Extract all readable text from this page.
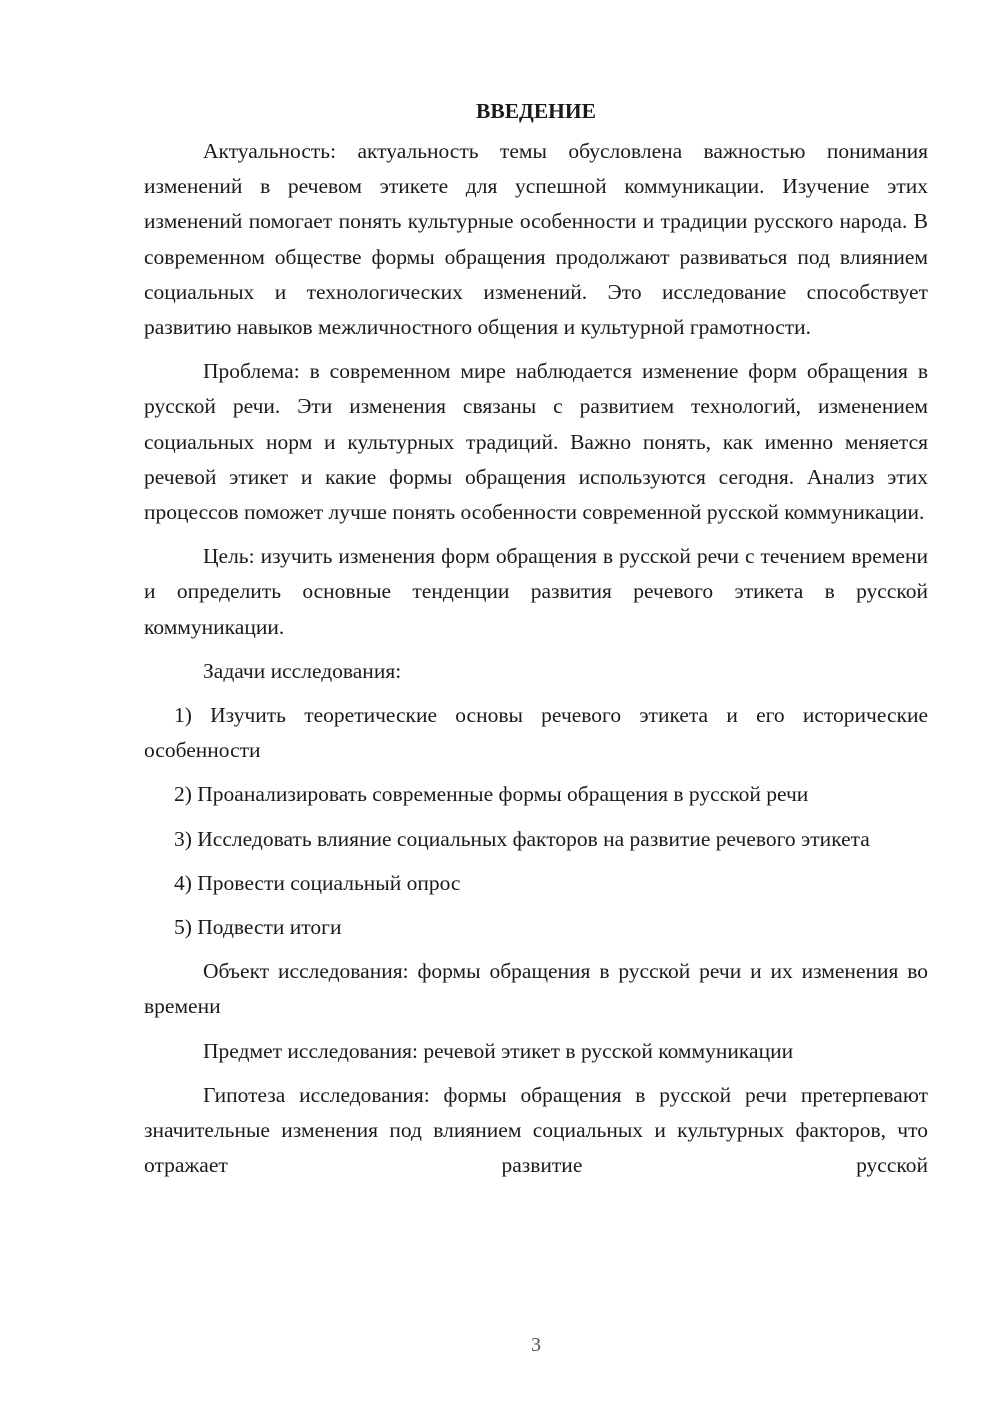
ВВЕДЕНИЕ

Актуальность: актуальность темы обусловлена важностью понимания изменений в речевом этикете для успешной коммуникации. Изучение этих изменений помогает понять культурные особенности и традиции русского народа. В современном обществе формы обращения продолжают развиваться под влиянием социальных и технологических изменений. Это исследование способствует развитию навыков межличностного общения и культурной грамотности.

Проблема: в современном мире наблюдается изменение форм обращения в русской речи. Эти изменения связаны с развитием технологий, изменением социальных норм и культурных традиций. Важно понять, как именно меняется речевой этикет и какие формы обращения используются сегодня. Анализ этих процессов поможет лучше понять особенности современной русской коммуникации.

Цель: изучить изменения форм обращения в русской речи с течением времени и определить основные тенденции развития речевого этикета в русской коммуникации.

Задачи исследования:

1) Изучить теоретические основы речевого этикета и его исторические особенности

2) Проанализировать современные формы обращения в русской речи

3) Исследовать влияние социальных факторов на развитие речевого этикета

4) Провести социальный опрос

5) Подвести итоги

Объект исследования: формы обращения в русской речи и их изменения во времени

Предмет исследования: речевой этикет в русской коммуникации

Гипотеза исследования: формы обращения в русской речи претерпевают значительные изменения под влиянием социальных и культурных факторов, что отражает развитие русской

3
